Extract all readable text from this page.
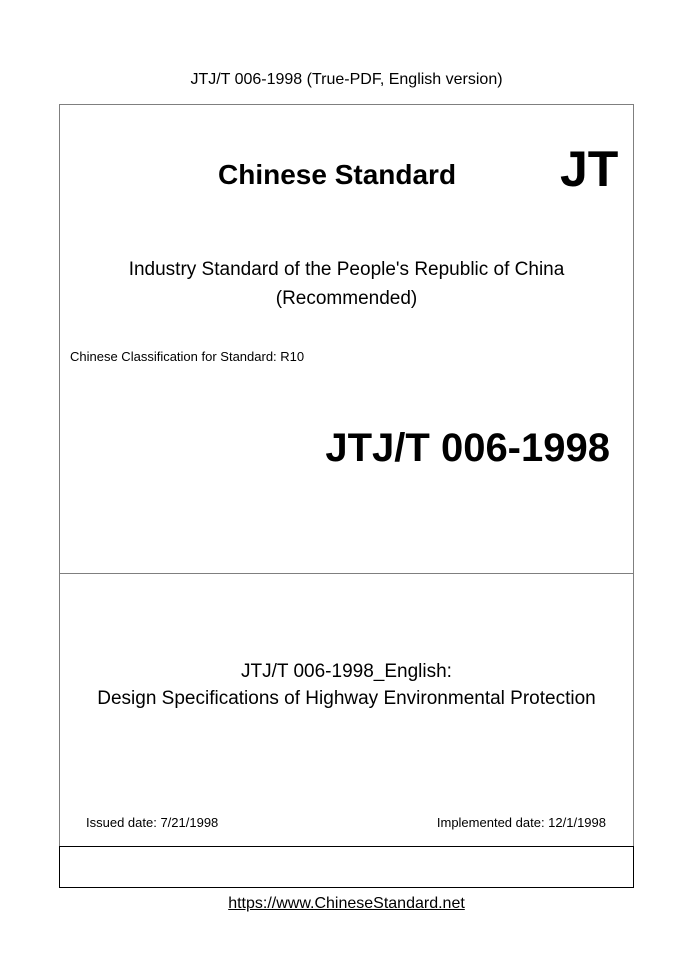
JTJ/T 006-1998 (True-PDF, English version)
Chinese Standard JT
Industry Standard of the People's Republic of China
(Recommended)
Chinese Classification for Standard: R10
JTJ/T 006-1998
JTJ/T 006-1998_English:
Design Specifications of Highway Environmental Protection
Issued date: 7/21/1998	Implemented date: 12/1/1998
https://www.ChineseStandard.net
